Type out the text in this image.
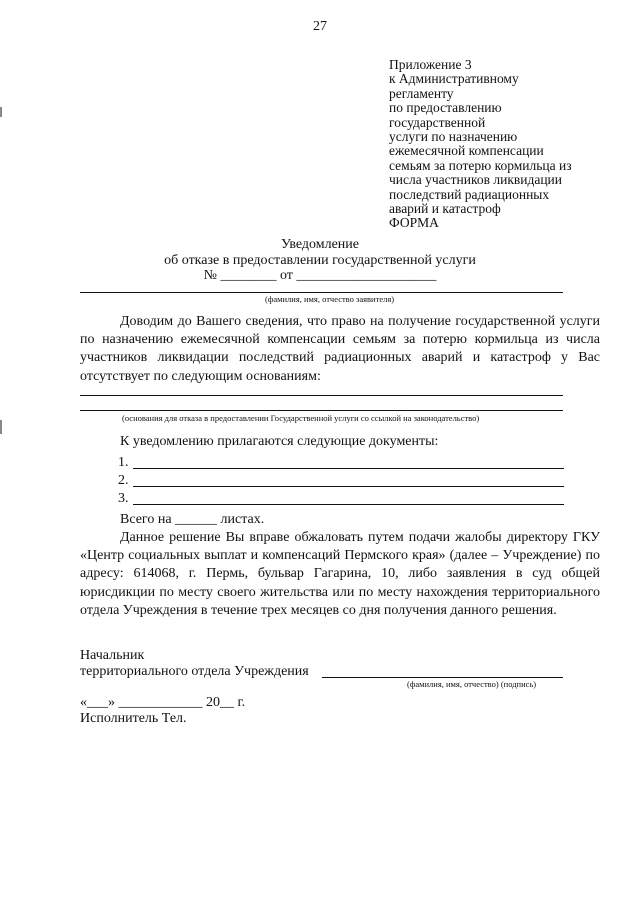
27
Приложение 3
к Административному
регламенту
по предоставлению
государственной
услуги по назначению
ежемесячной компенсации
семьям за потерю кормильца из
числа участников ликвидации
последствий радиационных
аварий и катастроф
ФОРМА
Уведомление
об отказе в предоставлении государственной услуги
№ ________ от ____________________
(фамилия, имя, отчество заявителя)
Доводим до Вашего сведения, что право на получение государственной услуги по назначению ежемесячной компенсации семьям за потерю кормильца из числа участников ликвидации последствий радиационных аварий и катастроф у Вас отсутствует по следующим основаниям:
(основания для отказа в предоставлении Государственной услуги со ссылкой на законодательство)
К уведомлению прилагаются следующие документы:
1.
2.
3.
Всего на ______ листах.
Данное решение Вы вправе обжаловать путем подачи жалобы директору ГКУ «Центр социальных выплат и компенсаций Пермского края» (далее – Учреждение) по адресу: 614068, г. Пермь, бульвар Гагарина, 10, либо заявления в суд общей юрисдикции по месту своего жительства или по месту нахождения территориального отдела Учреждения в течение трех месяцев со дня получения данного решения.
Начальник
территориального отдела Учреждения
(фамилия, имя, отчество) (подпись)
«___» ____________ 20__ г.
Исполнитель Тел.
